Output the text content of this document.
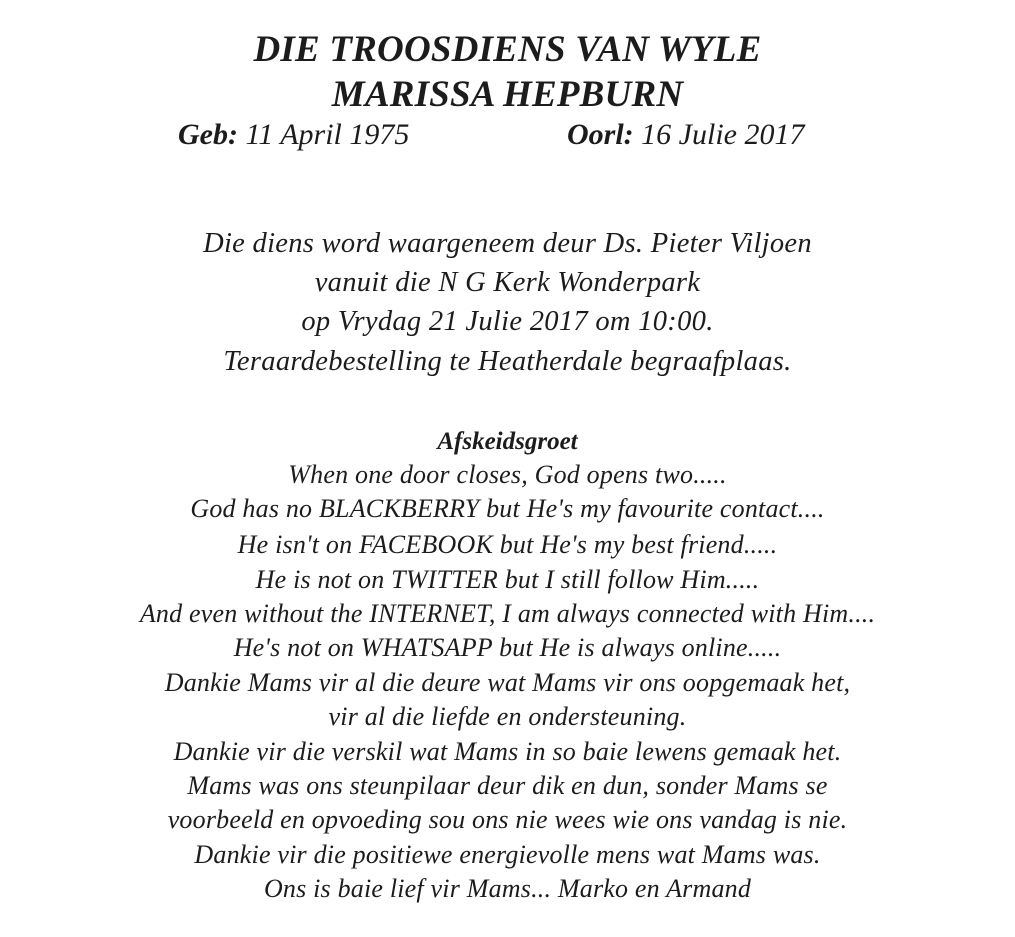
DIE TROOSDIENS VAN WYLE
MARISSA HEPBURN
Geb: 11 April 1975	Oorl: 16 Julie 2017
Die diens word waargeneem deur Ds. Pieter Viljoen
vanuit die N G Kerk Wonderpark
op Vrydag 21 Julie 2017 om 10:00.
Teraardebestelling te Heatherdale begraafplaas.
Afskeidsgroet
When one door closes, God opens two.....
God has no BLACKBERRY but He's my favourite contact....
He isn't on FACEBOOK but He's my best friend.....
He is not on TWITTER but I still follow Him.....
And even without the INTERNET, I am always connected with Him....
He's not on WHATSAPP but He is always online.....
Dankie Mams vir al die deure wat Mams vir ons oopgemaak het,
vir al die liefde en ondersteuning.
Dankie vir die verskil wat Mams in so baie lewens gemaak het.
Mams was ons steunpilaar deur dik en dun, sonder Mams se
voorbeeld en opvoeding sou ons nie wees wie ons vandag is nie.
Dankie vir die positiewe energievolle mens wat Mams was.
Ons is baie lief vir Mams... Marko en Armand
